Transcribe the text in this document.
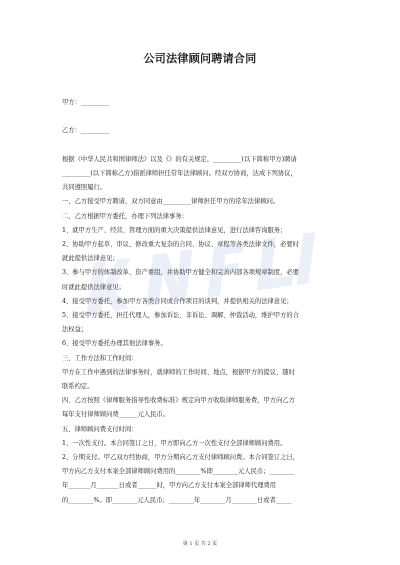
公司法律顾问聘请合同
甲方：_________

乙方：_________

根据《中华人民共和国律师法》以及《》的有关规定，_________(以下简称甲方)聘请
_________(以下简称乙方)指派律师担任常年法律顾问。经双方协商，达成下列协议，
共同遵照履行。
一、乙方接受甲方聘请，双方同意由_________律师担任甲方的常年法律顾问。
二、乙方根据甲方委托，办理下列法律事务：
1、就甲方生产、经营、管理方面的重大决策提供法律意见，进行法律咨询服务；
2、协助甲方起草、审议、修改重大复杂的合同、协议、章程等各类法律文件，必要时
就此提供法律意见；
3、参与甲方的体制改革、资产重组，并协助甲方健全和完善内部各项规章制度，必要
时就此提供法律意见；
4、接受甲方委托，参加甲方各类合同或合作项目的谈判，并提供相关的法律意见；
5、接受甲方委托，担任代理人，参加诉讼、非诉讼、调解、仲裁活动，维护甲方的合
法权益；
6、接受甲方委托办理其他法律事务。
三、工作方法和工作时间：
甲方在工作中遇到的法律事务时，就律师的工作时间、地点，根据甲方的提议，随时
联系约定。
四、乙方按照《律师服务指导性收费标准》规定向甲方收取律师服务费，甲方向乙方
每年支付律师顾问费______元人民币。
五、律师顾问费支付时间：
1、一次性支付。本合同签订之日，甲方即向乙方一次性支付全部律师顾问费用。
2、分期支付。甲乙双方经协商，甲方分期向乙方支付律师顾问费。本合同签订之日，
甲方向乙方支付本案全部律师顾问费用的________%即________元人民币；________
年_______月_______日或者______时，甲方向乙方支付本案全部律师代理费用
的________%。即________元人民币；________年________月________日或者_____
第 1 页 共 2 页
